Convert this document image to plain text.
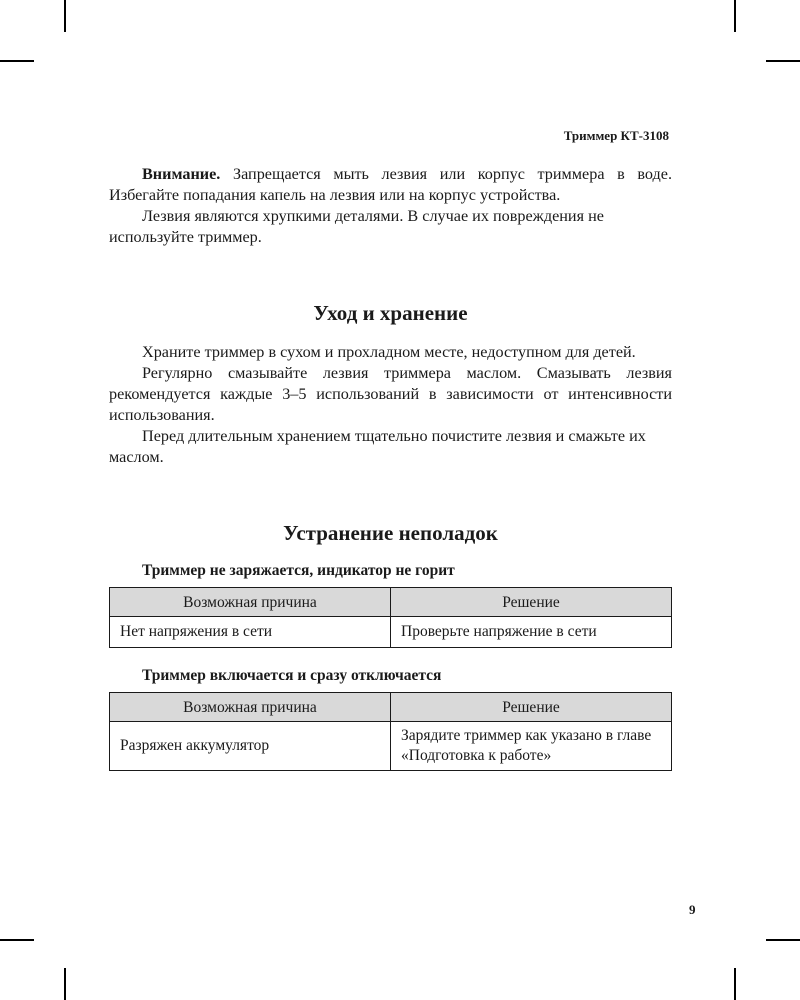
Триммер КТ-3108

Внимание. Запрещается мыть лезвия или корпус триммера в воде. Избегайте попадания капель на лезвия или на корпус устройства.

Лезвия являются хрупкими деталями. В случае их повреждения не используйте триммер.

Уход и хранение

Храните триммер в сухом и прохладном месте, недоступном для детей.

Регулярно смазывайте лезвия триммера маслом. Смазывать лезвия рекомендуется каждые 3–5 использований в зависимости от интенсивности использования.

Перед длительным хранением тщательно почистите лезвия и смажьте их маслом.

Устранение неполадок
Триммер не заряжается, индикатор не горит
Возможная причина	Решение
Нет напряжения в сети	Проверьте напряжение в сети
Триммер включается и сразу отключается
Возможная причина	Решение
Разряжен аккумулятор	Зарядите триммер как указано в главе «Подготовка к работе»
9
